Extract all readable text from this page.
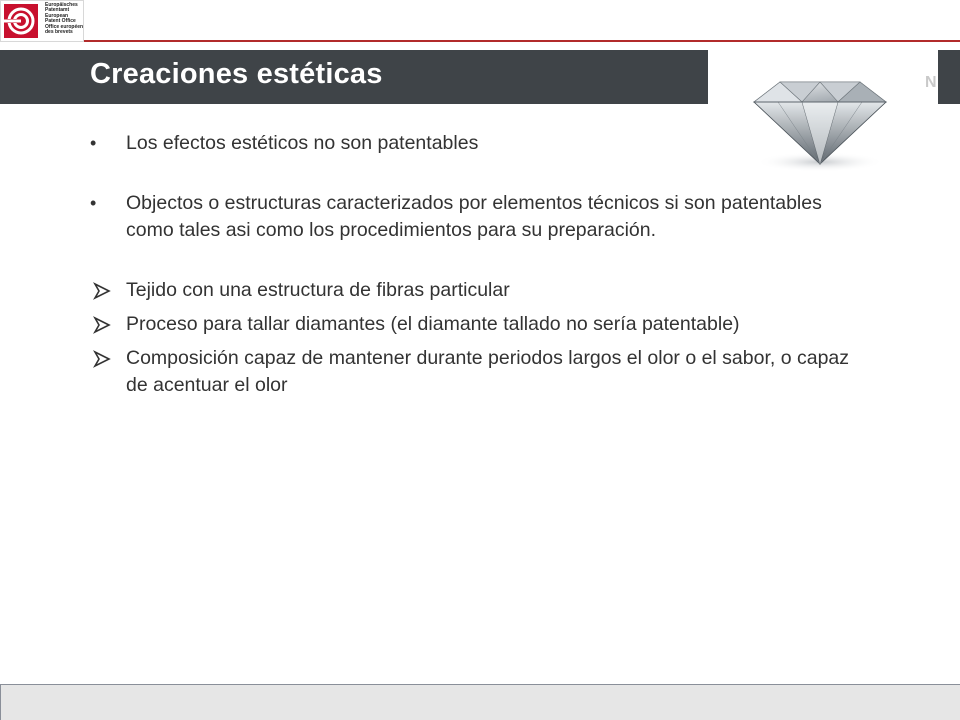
Europäisches
Patentamt
European
Patent Office
Office européen
des brevets
Creaciones estéticas	N
•	Los efectos estéticos no son patentables
•	Objectos o estructuras caracterizados por elementos técnicos si son patentables como tales asi como los procedimientos para su preparación.
Tejido con una estructura de fibras particular
Proceso para tallar diamantes (el diamante tallado no sería patentable)
Composición capaz de mantener durante periodos largos el olor o el sabor, o capaz de acentuar el olor
